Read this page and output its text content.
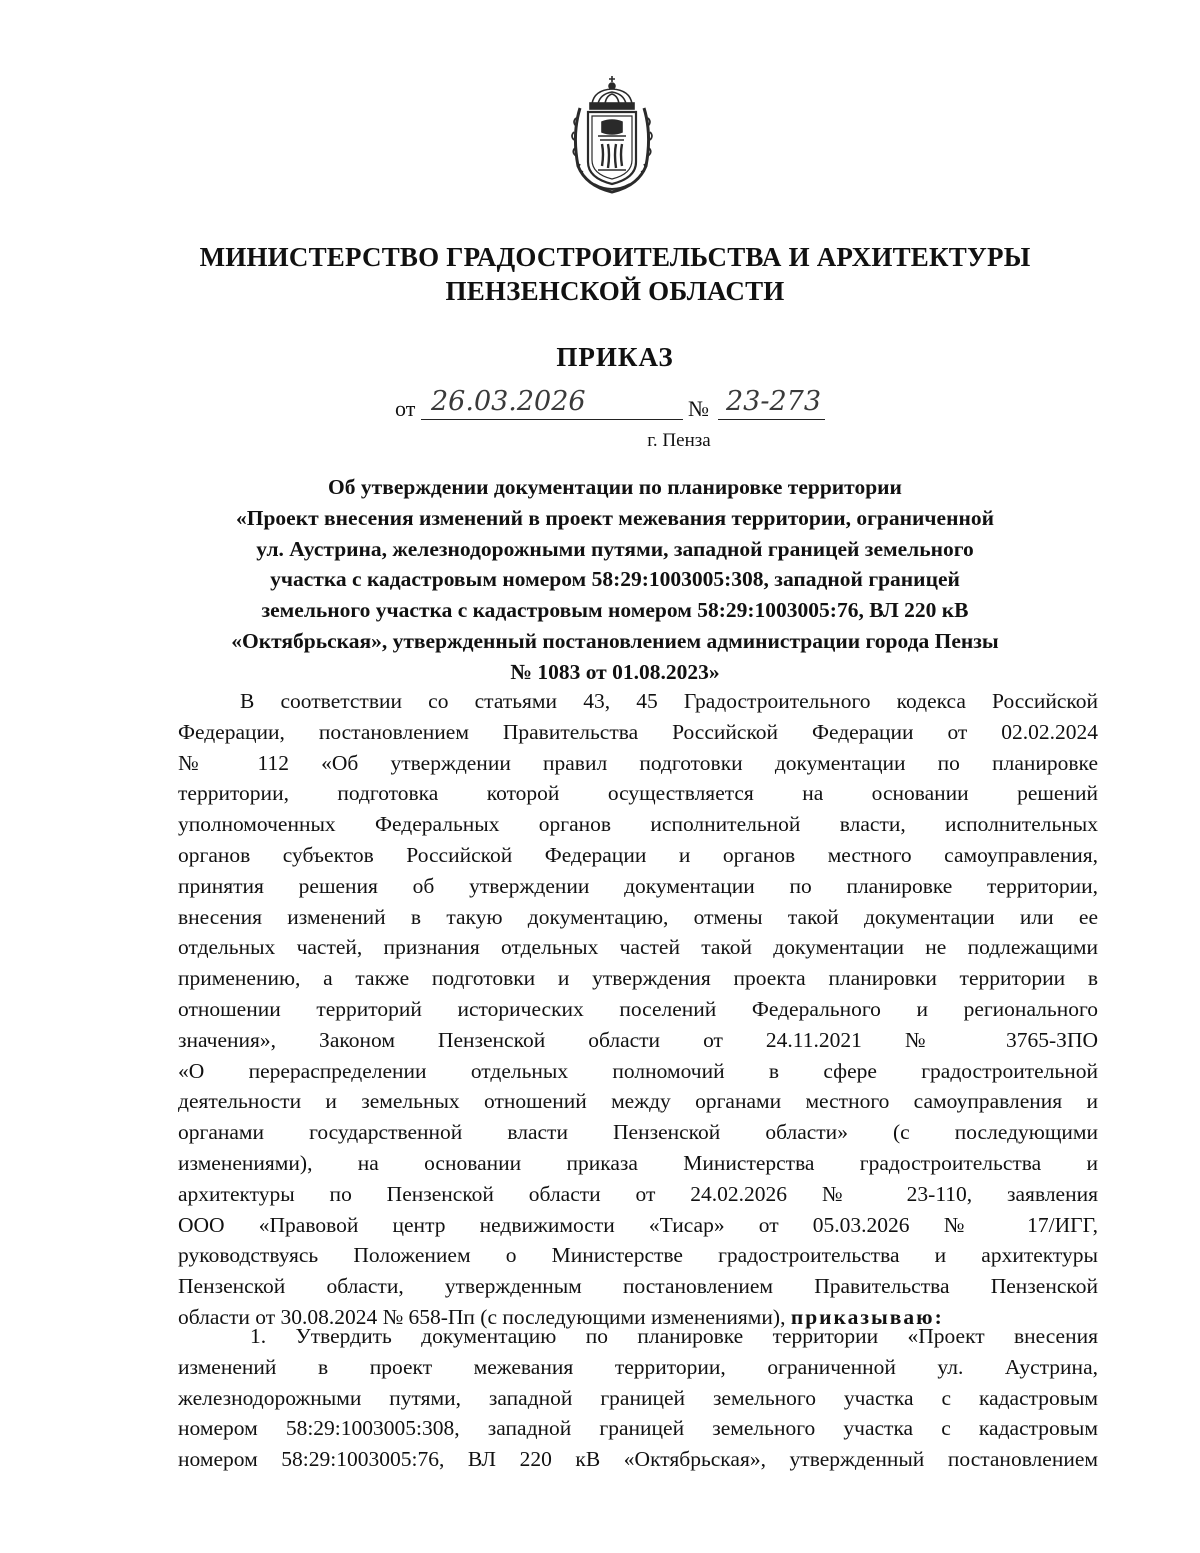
МИНИСТЕРСТВО ГРАДОСТРОИТЕЛЬСТВА И АРХИТЕКТУРЫ
ПЕНЗЕНСКОЙ ОБЛАСТИ
ПРИКАЗ
от 26.03.2026	№ 23-273
г. Пенза
Об утверждении документации по планировке территории
«Проект внесения изменений в проект межевания территории, ограниченной
ул. Аустрина, железнодорожными путями, западной границей земельного
участка с кадастровым номером 58:29:1003005:308, западной границей
земельного участка с кадастровым номером 58:29:1003005:76, ВЛ 220 кВ
«Октябрьская», утвержденный постановлением администрации города Пензы
№ 1083 от 01.08.2023»
В соответствии со статьями 43, 45 Градостроительного кодекса Российской
Федерации, постановлением Правительства Российской Федерации от 02.02.2024
№ 112 «Об утверждении правил подготовки документации по планировке
территории, подготовка которой осуществляется на основании решений
уполномоченных Федеральных органов исполнительной власти, исполнительных
органов субъектов Российской Федерации и органов местного самоуправления,
принятия решения об утверждении документации по планировке территории,
внесения изменений в такую документацию, отмены такой документации или ее
отдельных частей, признания отдельных частей такой документации не подлежащими
применению, а также подготовки и утверждения проекта планировки территории в
отношении территорий исторических поселений Федерального и регионального
значения», Законом Пензенской области от 24.11.2021 № 3765-ЗПО
«О перераспределении отдельных полномочий в сфере градостроительной
деятельности и земельных отношений между органами местного самоуправления и
органами государственной власти Пензенской области» (с последующими
изменениями), на основании приказа Министерства градостроительства и
архитектуры по Пензенской области от 24.02.2026 № 23-110, заявления
ООО «Правовой центр недвижимости «Тисар» от 05.03.2026 № 17/ИГГ,
руководствуясь Положением о Министерстве градостроительства и архитектуры
Пензенской области, утвержденным постановлением Правительства Пензенской
области от 30.08.2024 № 658-Пп (с последующими изменениями), приказываю:
1. Утвердить документацию по планировке территории «Проект внесения
изменений в проект межевания территории, ограниченной ул. Аустрина,
железнодорожными путями, западной границей земельного участка с кадастровым
номером 58:29:1003005:308, западной границей земельного участка с кадастровым
номером 58:29:1003005:76, ВЛ 220 кВ «Октябрьская», утвержденный постановлением
